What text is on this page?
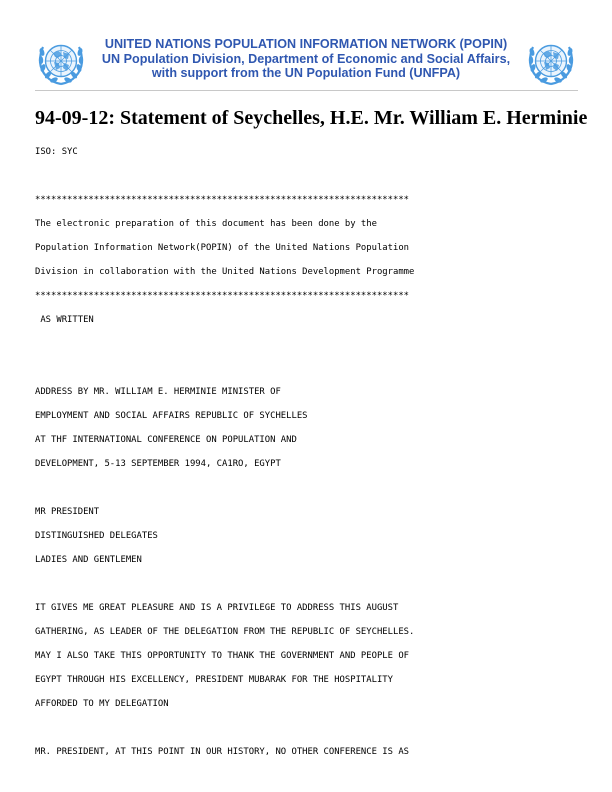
UNITED NATIONS POPULATION INFORMATION NETWORK (POPIN)
UN Population Division, Department of Economic and Social Affairs,
with support from the UN Population Fund (UNFPA)
94-09-12: Statement of Seychelles, H.E. Mr. William E. Herminie

ISO: SYC

**********************************************************************

The electronic preparation of this document has been done by the

Population Information Network(POPIN) of the United Nations Population

Division in collaboration with the United Nations Development Programme

**********************************************************************

AS WRITTEN

ADDRESS BY MR. WILLIAM E. HERMINIE MINISTER OF

EMPLOYMENT AND SOCIAL AFFAIRS REPUBLIC OF SYCHELLES

AT THF INTERNATIONAL CONFERENCE ON POPULATION AND

DEVELOPMENT, 5-13 SEPTEMBER 1994, CA1RO, EGYPT

MR PRESIDENT

DISTINGUISHED DELEGATES

LADIES AND GENTLEMEN

IT GIVES ME GREAT PLEASURE AND IS A PRIVILEGE TO ADDRESS THIS AUGUST

GATHERING, AS LEADER OF THE DELEGATION FROM THE REPUBLIC OF SEYCHELLES.

MAY I ALSO TAKE THIS OPPORTUNITY TO THANK THE GOVERNMENT AND PEOPLE OF

EGYPT THROUGH HIS EXCELLENCY, PRESIDENT MUBARAK FOR THE HOSPITALITY

AFFORDED TO MY DELEGATION

MR. PRESIDENT, AT THIS POINT IN OUR HISTORY, NO OTHER CONFERENCE IS AS
